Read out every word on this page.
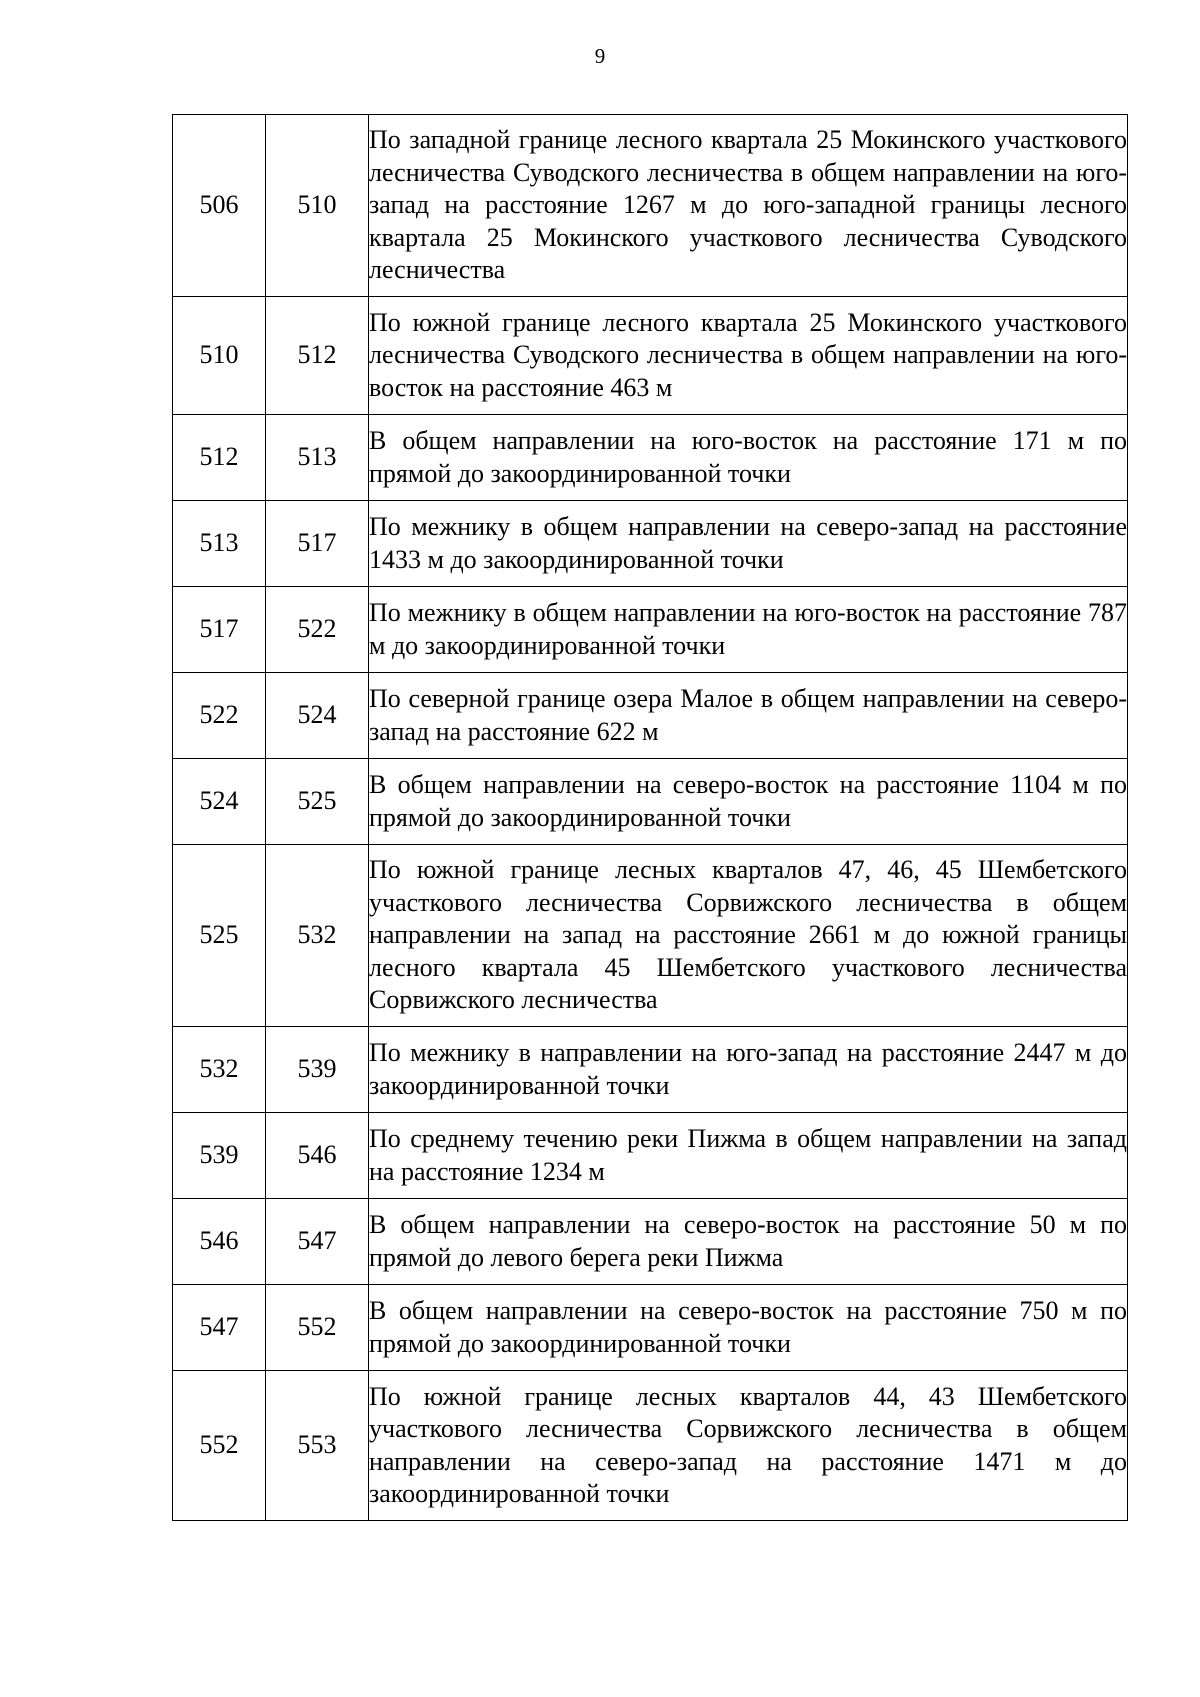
9
506	510	По западной границе лесного квартала 25 Мокинского участкового лесничества Суводского лесничества в общем направлении на юго-запад на расстояние 1267 м до юго-западной границы лесного квартала 25 Мокинского участкового лесничества Суводского лесничества
510	512	По южной границе лесного квартала 25 Мокинского участкового лесничества Суводского лесничества в общем направлении на юго-восток на расстояние 463 м
512	513	В общем направлении на юго-восток на расстояние 171 м по прямой до закоординированной точки
513	517	По межнику в общем направлении на северо-запад на расстояние 1433 м до закоординированной точки
517	522	По межнику в общем направлении на юго-восток на расстояние 787 м до закоординированной точки
522	524	По северной границе озера Малое в общем направлении на северо-запад на расстояние 622 м
524	525	В общем направлении на северо-восток на расстояние 1104 м по прямой до закоординированной точки
525	532	По южной границе лесных кварталов 47, 46, 45 Шембетского участкового лесничества Сорвижского лесничества в общем направлении на запад на расстояние 2661 м до южной границы лесного квартала 45 Шембетского участкового лесничества Сорвижского лесничества
532	539	По межнику в направлении на юго-запад на расстояние 2447 м до закоординированной точки
539	546	По среднему течению реки Пижма в общем направлении на запад на расстояние 1234 м
546	547	В общем направлении на северо-восток на расстояние 50 м по прямой до левого берега реки Пижма
547	552	В общем направлении на северо-восток на расстояние 750 м по прямой до закоординированной точки
552	553	По южной границе лесных кварталов 44, 43 Шембетского участкового лесничества Сорвижского лесничества в общем направлении на северо-запад на расстояние 1471 м до закоординированной точки
